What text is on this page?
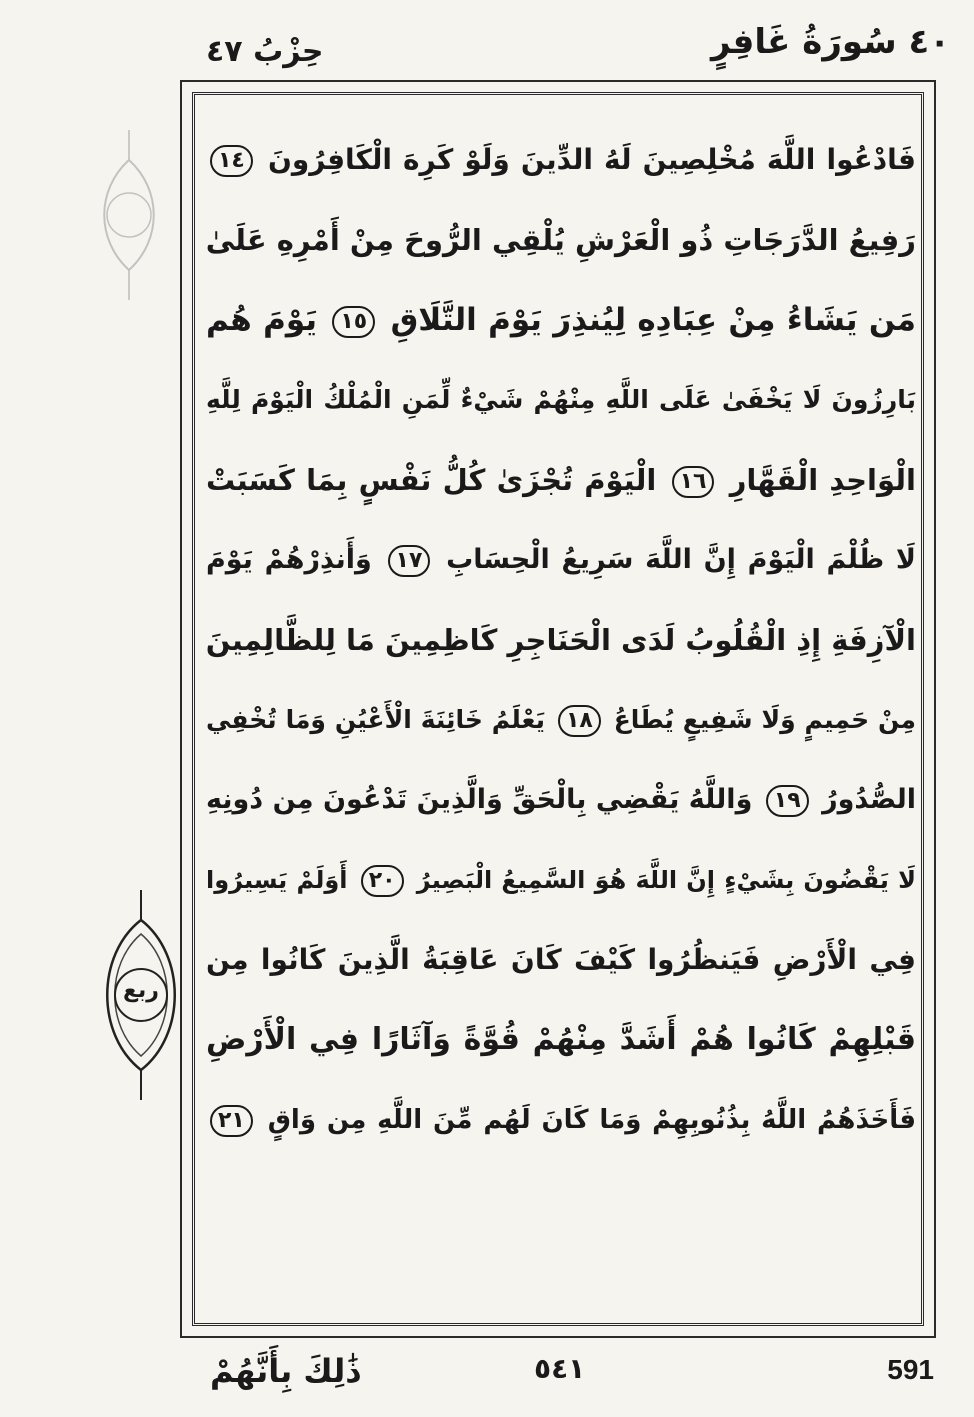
٤٠ سُورَةُ غَافِرٍ
حِزْبُ ٤٧
ربع
فَادْعُوا اللَّهَ مُخْلِصِينَ لَهُ الدِّينَ وَلَوْ كَرِهَ الْكَافِرُونَ ١٤
رَفِيعُ الدَّرَجَاتِ ذُو الْعَرْشِ يُلْقِي الرُّوحَ مِنْ أَمْرِهِ عَلَىٰ
مَن يَشَاءُ مِنْ عِبَادِهِ لِيُنذِرَ يَوْمَ التَّلَاقِ ١٥ يَوْمَ هُم
بَارِزُونَ لَا يَخْفَىٰ عَلَى اللَّهِ مِنْهُمْ شَيْءٌ لِّمَنِ الْمُلْكُ الْيَوْمَ لِلَّهِ
الْوَاحِدِ الْقَهَّارِ ١٦ الْيَوْمَ تُجْزَىٰ كُلُّ نَفْسٍ بِمَا كَسَبَتْ
لَا ظُلْمَ الْيَوْمَ إِنَّ اللَّهَ سَرِيعُ الْحِسَابِ ١٧ وَأَنذِرْهُمْ يَوْمَ
الْآزِفَةِ إِذِ الْقُلُوبُ لَدَى الْحَنَاجِرِ كَاظِمِينَ مَا لِلظَّالِمِينَ
مِنْ حَمِيمٍ وَلَا شَفِيعٍ يُطَاعُ ١٨ يَعْلَمُ خَائِنَةَ الْأَعْيُنِ وَمَا تُخْفِي
الصُّدُورُ ١٩ وَاللَّهُ يَقْضِي بِالْحَقِّ وَالَّذِينَ تَدْعُونَ مِن دُونِهِ
لَا يَقْضُونَ بِشَيْءٍ إِنَّ اللَّهَ هُوَ السَّمِيعُ الْبَصِيرُ ٢٠ أَوَلَمْ يَسِيرُوا
فِي الْأَرْضِ فَيَنظُرُوا كَيْفَ كَانَ عَاقِبَةُ الَّذِينَ كَانُوا مِن
قَبْلِهِمْ كَانُوا هُمْ أَشَدَّ مِنْهُمْ قُوَّةً وَآثَارًا فِي الْأَرْضِ
فَأَخَذَهُمُ اللَّهُ بِذُنُوبِهِمْ وَمَا كَانَ لَهُم مِّنَ اللَّهِ مِن وَاقٍ ٢١
ذَٰلِكَ بِأَنَّهُمْ	٥٤١	591
